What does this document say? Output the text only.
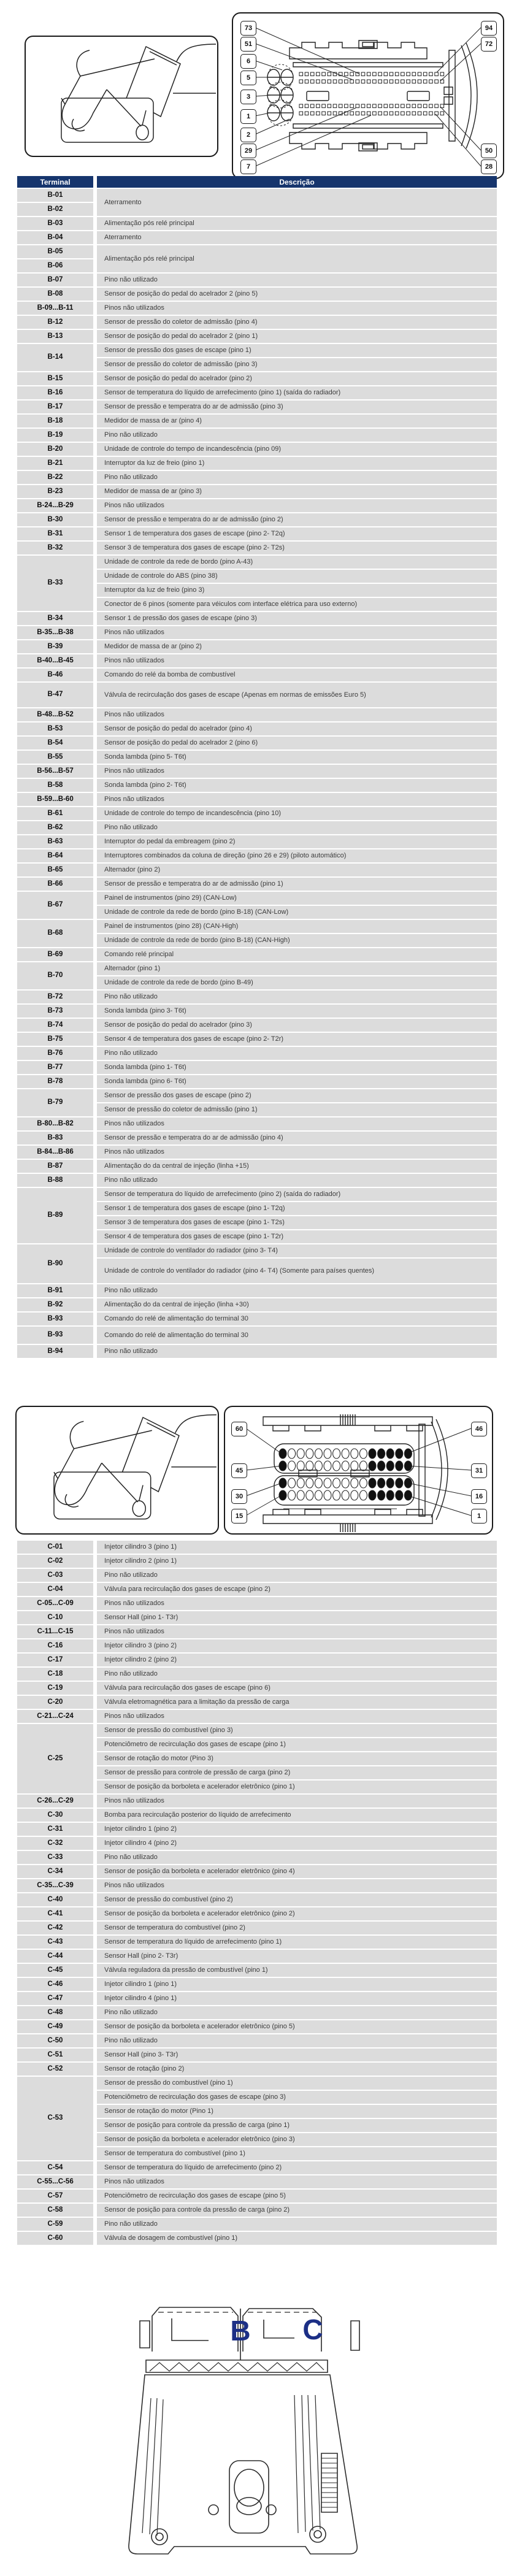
73
51
6
5
3
1
2
29
7
94
72
50
28
Terminal	Descrição
B-01	Aterramento
B-02	
B-03	Alimentação pós relé principal
B-04	Aterramento
B-05	Alimentação pós relé principal
B-06	
B-07	Pino não utilizado
B-08	Sensor de posição do pedal do acelrador 2 (pino 5)
B-09...B-11	Pinos não utilizados
B-12	Sensor de pressão do coletor de admissão (pino 4)
B-13	Sensor de posição do pedal do acelrador 2 (pino 1)
B-14	Sensor de pressão dos gases de escape (pino 1)
	Sensor de pressão do coletor de admissão (pino 3)
B-15	Sensor de posição do pedal do acelrador (pino 2)
B-16	Sensor de temperatura do líquido de arrefecimento (pino 1) (saída do radiador)
B-17	Sensor de pressão e temperatra do ar de admissão (pino 3)
B-18	Medidor de massa de ar (pino 4)
B-19	Pino não utilizado
B-20	Unidade de controle do tempo de incandescência (pino 09)
B-21	Interruptor da luz de freio (pino 1)
B-22	Pino não utilizado
B-23	Medidor de massa de ar (pino 3)
B-24...B-29	Pinos não utilizados
B-30	Sensor de pressão e temperatra do ar de admissão (pino 2)
B-31	Sensor 1 de temperatura dos gases de escape (pino 2- T2q)
B-32	Sensor 3 de temperatura dos gases de escape (pino 2- T2s)
B-33	Unidade de controle da rede de bordo (pino A-43)
	Unidade de controle do ABS (pino 38)
	Interruptor da luz de freio (pino 3)
	Conector de 6 pinos (somente para véiculos com interface elétrica para uso externo)
B-34	Sensor 1 de pressão dos gases de escape (pino 3)
B-35...B-38	Pinos não utilizados
B-39	Medidor de massa de ar (pino 2)
B-40...B-45	Pinos não utilizados
B-46	Comando do relé da bomba de combustível
B-47	Válvula de recirculação dos gases de escape (Apenas em normas de emissões Euro 5)
B-48...B-52	Pinos não utilizados
B-53	Sensor de posição do pedal do acelrador (pino 4)
B-54	Sensor de posição do pedal do acelrador 2 (pino 6)
B-55	Sonda lambda (pino 5- T6t)
B-56...B-57	Pinos não utilizados
B-58	Sonda lambda (pino 2- T6t)
B-59...B-60	Pinos não utilizados
B-61	Unidade de controle do tempo de incandescência (pino 10)
B-62	Pino não utilizado
B-63	Interruptor do pedal da embreagem (pino 2)
B-64	Interruptores combinados da coluna de direção (pino 26 e 29) (piloto automático)
B-65	Alternador (pino 2)
B-66	Sensor de pressão e temperatra do ar de admissão (pino 1)
B-67	Painel de instrumentos (pino 29) (CAN-Low)
	Unidade de controle da rede de bordo (pino B-18) (CAN-Low)
B-68	Painel de instrumentos (pino 28) (CAN-High)
	Unidade de controle da rede de bordo (pino B-18) (CAN-High)
B-69	Comando relé principal
B-70	Alternador (pino 1)
	Unidade de controle da rede de bordo (pino B-49)
B-72	Pino não utilizado
B-73	Sonda lambda (pino 3- T6t)
B-74	Sensor de posição do pedal do acelrador (pino 3)
B-75	Sensor 4 de temperatura dos gases de escape (pino 2- T2r)
B-76	Pino não utilizado
B-77	Sonda lambda (pino 1- T6t)
B-78	Sonda lambda (pino 6- T6t)
B-79	Sensor de pressão dos gases de escape (pino 2)
	Sensor de pressão do coletor de admissão (pino 1)
B-80...B-82	Pinos não utilizados
B-83	Sensor de pressão e temperatra do ar de admissão (pino 4)
B-84...B-86	Pinos não utilizados
B-87	Alimentação do da central de injeção (linha +15)
B-88	Pino não utilizado
B-89	Sensor de temperatura do líquido de arrefecimento (pino 2) (saída do radiador)
	Sensor 1 de temperatura dos gases de escape (pino 1- T2q)
	Sensor 3 de temperatura dos gases de escape (pino 1- T2s)
	Sensor 4 de temperatura dos gases de escape (pino 1- T2r)
B-90	Unidade de controle do ventilador do radiador (pino 3- T4)
	Unidade de controle do ventilador do radiador (pino 4- T4) (Somente para países quentes)
B-91	Pino não utilizado
B-92	Alimentação do da central de injeção (linha +30)
B-93	Comando do relé de alimentação do terminal 30
B-93	Comando do relé de alimentação do terminal 30
B-94	Pino não utilizado
60
45
30
15
46
31
16
1
C-01	Injetor cilindro 3 (pino 1)
C-02	Injetor cilindro 2 (pino 1)
C-03	Pino não utilizado
C-04	Válvula para recirculação dos gases de escape (pino 2)
C-05...C-09	Pinos não utilizados
C-10	Sensor Hall (pino 1- T3r)
C-11...C-15	Pinos não utilizados
C-16	Injetor cilindro 3 (pino 2)
C-17	Injetor cilindro 2 (pino 2)
C-18	Pino não utilizado
C-19	Válvula para recirculação dos gases de escape (pino 6)
C-20	Válvula eletromagnética para a limitação da pressão de carga
C-21...C-24	Pinos não utilizados
C-25	Sensor de pressão do combustível (pino 3)
	Potenciômetro de recirculação dos gases de escape (pino 1)
	Sensor de rotação do motor (Pino 3)
	Sensor de pressão para controle de pressão de carga (pino 2)
	Sensor de posição da borboleta e acelerador eletrônico (pino 1)
C-26...C-29	Pinos não utilizados
C-30	Bomba para recirculação posterior do líquido de arrefecimento
C-31	Injetor cilindro 1 (pino 2)
C-32	Injetor cilindro 4 (pino 2)
C-33	Pino não utilizado
C-34	Sensor de posição da borboleta e acelerador eletrônico (pino 4)
C-35...C-39	Pinos não utilizados
C-40	Sensor de pressão do combustível (pino 2)
C-41	Sensor de posição da borboleta e acelerador eletrônico (pino 2)
C-42	Sensor de temperatura do combustível (pino 2)
C-43	Sensor de temperatura do líquido de arrefecimento (pino 1)
C-44	Sensor Hall (pino 2- T3r)
C-45	Válvula reguladora da pressão de combustível (pino 1)
C-46	Injetor cilindro 1 (pino 1)
C-47	Injetor cilindro 4 (pino 1)
C-48	Pino não utilizado
C-49	Sensor de posição da borboleta e acelerador eletrônico (pino 5)
C-50	Pino não utilizado
C-51	Sensor Hall (pino 3- T3r)
C-52	Sensor de rotação (pino 2)
C-53	Sensor de pressão do combustível (pino 1)
	Potenciômetro de recirculação dos gases de escape (pino 3)
	Sensor de rotação do motor (Pino 1)
	Sensor de posição para controle da pressão de carga (pino 1)
	Sensor de posição da borboleta e acelerador eletrônico (pino 3)
	Sensor de temperatura do combustível (pino 1)
C-54	Sensor de temperatura do líquido de arrefecimento (pino 2)
C-55...C-56	Pinos não utilizados
C-57	Potenciômetro de recirculação dos gases de escape (pino 5)
C-58	Sensor de posição para controle da pressão de carga (pino 2)
C-59	Pino não utilizado
C-60	Válvula de dosagem de combustível (pino 1)
B C
